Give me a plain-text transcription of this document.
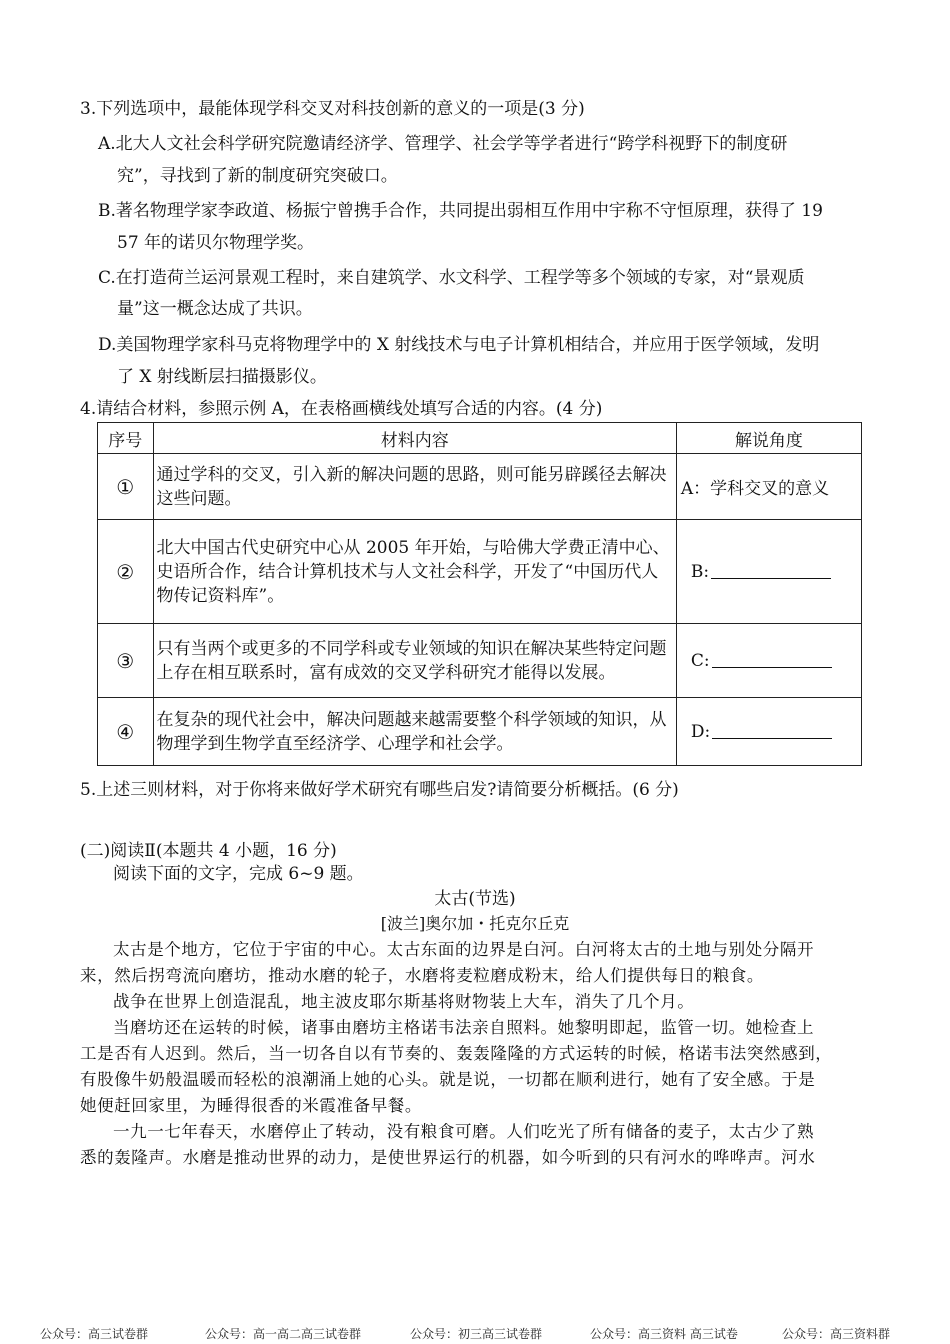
3.下列选项中，最能体现学科交叉对科技创新的意义的一项是(3 分)
A.北大人文社会科学研究院邀请经济学、管理学、社会学等学者进行“跨学科视野下的制度研
究”，寻找到了新的制度研究突破口。
B.著名物理学家李政道、杨振宁曾携手合作，共同提出弱相互作用中宇称不守恒原理，获得了 19
57 年的诺贝尔物理学奖。
C.在打造荷兰运河景观工程时，来自建筑学、水文科学、工程学等多个领域的专家，对“景观质
量”这一概念达成了共识。
D.美国物理学家科马克将物理学中的 X 射线技术与电子计算机相结合，并应用于医学领域，发明
了 X 射线断层扫描摄影仪。
4.请结合材料，参照示例 A，在表格画横线处填写合适的内容。(4 分)
序号	材料内容	解说角度
①	通过学科的交叉，引入新的解决问题的思路，则可能另辟蹊径去解决这些问题。	A：学科交叉的意义
②	北大中国古代史研究中心从 2005 年开始，与哈佛大学费正清中心、史语所合作，结合计算机技术与人文社会科学，开发了“中国历代人物传记资料库”。	B:
③	只有当两个或更多的不同学科或专业领域的知识在解决某些特定问题上存在相互联系时，富有成效的交叉学科研究才能得以发展。	C:
④	在复杂的现代社会中，解决问题越来越需要整个科学领域的知识，从物理学到生物学直至经济学、心理学和社会学。	D:
5.上述三则材料，对于你将来做好学术研究有哪些启发?请简要分析概括。(6 分)
(二)阅读Ⅱ(本题共 4 小题，16 分)
阅读下面的文字，完成 6~9 题。
太古(节选)
[波兰]奥尔加・托克尔丘克
太古是个地方，它位于宇宙的中心。太古东面的边界是白河。白河将太古的土地与别处分隔开
来，然后拐弯流向磨坊，推动水磨的轮子，水磨将麦粒磨成粉末，给人们提供每日的粮食。
战争在世界上创造混乱，地主波皮耶尔斯基将财物装上大车，消失了几个月。
当磨坊还在运转的时候，诸事由磨坊主格诺韦法亲自照料。她黎明即起，监管一切。她检查上
工是否有人迟到。然后，当一切各自以有节奏的、轰轰隆隆的方式运转的时候，格诺韦法突然感到，
有股像牛奶般温暖而轻松的浪潮涌上她的心头。就是说，一切都在顺利进行，她有了安全感。于是
她便赶回家里，为睡得很香的米霞准备早餐。
一九一七年春天，水磨停止了转动，没有粮食可磨。人们吃光了所有储备的麦子，太古少了熟
悉的轰隆声。水磨是推动世界的动力，是使世界运行的机器，如今听到的只有河水的哗哗声。河水
公众号：高三试卷群	公众号：高一高二高三试卷群	公众号：初三高三试卷群	公众号：高三资料 高三试卷	公众号：高三资料群
